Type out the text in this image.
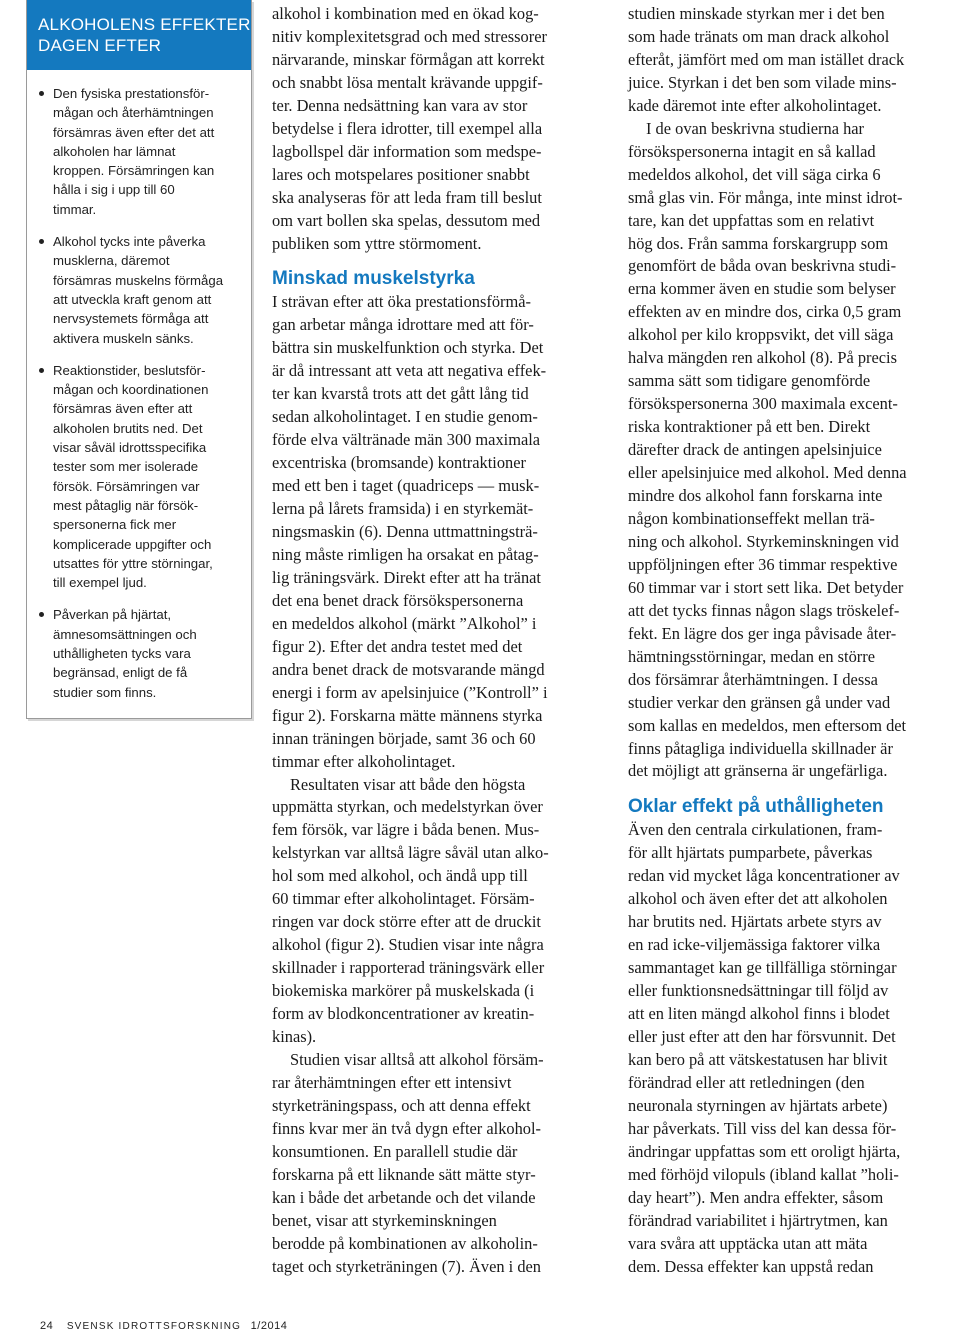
ALKOHOLENS EFFEKTER
DAGEN EFTER
Den fysiska prestationsför-
mågan och återhämtningen
försämras även efter det att
alkoholen har lämnat
kroppen. Försämringen kan
hålla i sig i upp till 60
timmar.
Alkohol tycks inte påverka
musklerna, däremot
försämras muskelns förmåga
att utveckla kraft genom att
nervsystemets förmåga att
aktivera muskeln sänks.
Reaktionstider, beslutsför-
mågan och koordinationen
försämras även efter att
alkoholen brutits ned. Det
visar såväl idrottsspecifika
tester som mer isolerade
försök. Försämringen var
mest påtaglig när försök-
spersonerna fick mer
komplicerade uppgifter och
utsattes för yttre störningar,
till exempel ljud.
Påverkan på hjärtat,
ämnesomsättningen och
uthålligheten tycks vara
begränsad, enligt de få
studier som finns.
alkohol i kombination med en ökad kog-
nitiv komplexitetsgrad och med stressorer
närvarande, minskar förmågan att korrekt
och snabbt lösa mentalt krävande uppgif-
ter. Denna nedsättning kan vara av stor
betydelse i flera idrotter, till exempel alla
lagbollspel där information som medspe-
lares och motspelares positioner snabbt
ska analyseras för att leda fram till beslut
om vart bollen ska spelas, dessutom med
publiken som yttre störmoment.
Minskad muskelstyrka
I strävan efter att öka prestationsförmå-
gan arbetar många idrottare med att för-
bättra sin muskelfunktion och styrka. Det
är då intressant att veta att negativa effek-
ter kan kvarstå trots att det gått lång tid
sedan alkoholintaget. I en studie genom-
förde elva vältränade män 300 maximala
excentriska (bromsande) kontraktioner
med ett ben i taget (quadriceps — musk-
lerna på lårets framsida) i en styrkemät-
ningsmaskin (6). Denna uttmattningsträ-
ning måste rimligen ha orsakat en påtag-
lig träningsvärk. Direkt efter att ha tränat
det ena benet drack försökspersonerna
en medeldos alkohol (märkt ”Alkohol” i
figur 2). Efter det andra testet med det
andra benet drack de motsvarande mängd
energi i form av apelsinjuice (”Kontroll” i
figur 2). Forskarna mätte männens styrka
innan träningen började, samt 36 och 60
timmar efter alkoholintaget.
Resultaten visar att både den högsta
uppmätta styrkan, och medelstyrkan över
fem försök, var lägre i båda benen. Mus-
kelstyrkan var alltså lägre såväl utan alko-
hol som med alkohol, och ändå upp till
60 timmar efter alkoholintaget. Försäm-
ringen var dock större efter att de druckit
alkohol (figur 2). Studien visar inte några
skillnader i rapporterad träningsvärk eller
biokemiska markörer på muskelskada (i
form av blodkoncentrationer av kreatin-
kinas).
Studien visar alltså att alkohol försäm-
rar återhämtningen efter ett intensivt
styrketräningspass, och att denna effekt
finns kvar mer än två dygn efter alkohol-
konsumtionen. En parallell studie där
forskarna på ett liknande sätt mätte styr-
kan i både det arbetande och det vilande
benet, visar att styrkeminskningen
berodde på kombinationen av alkoholin-
taget och styrketräningen (7). Även i den
studien minskade styrkan mer i det ben
som hade tränats om man drack alkohol
efteråt, jämfört med om man istället drack
juice. Styrkan i det ben som vilade mins-
kade däremot inte efter alkoholintaget.
I de ovan beskrivna studierna har
försökspersonerna intagit en så kallad
medeldos alkohol, det vill säga cirka 6
små glas vin. För många, inte minst idrot-
tare, kan det uppfattas som en relativt
hög dos. Från samma forskargrupp som
genomfört de båda ovan beskrivna studi-
erna kommer även en studie som belyser
effekten av en mindre dos, cirka 0,5 gram
alkohol per kilo kroppsvikt, det vill säga
halva mängden ren alkohol (8). På precis
samma sätt som tidigare genomförde
försökspersonerna 300 maximala excent-
riska kontraktioner på ett ben. Direkt
därefter drack de antingen apelsinjuice
eller apelsinjuice med alkohol. Med denna
mindre dos alkohol fann forskarna inte
någon kombinationseffekt mellan trä-
ning och alkohol. Styrkeminskningen vid
uppföljningen efter 36 timmar respektive
60 timmar var i stort sett lika. Det betyder
att det tycks finnas någon slags tröskelef-
fekt. En lägre dos ger inga påvisade åter-
hämtningsstörningar, medan en större
dos försämrar återhämtningen. I dessa
studier verkar den gränsen gå under vad
som kallas en medeldos, men eftersom det
finns påtagliga individuella skillnader är
det möjligt att gränserna är ungefärliga.
Oklar effekt på uthålligheten
Även den centrala cirkulationen, fram-
för allt hjärtats pumparbete, påverkas
redan vid mycket låga koncentrationer av
alkohol och även efter det att alkoholen
har brutits ned. Hjärtats arbete styrs av
en rad icke-viljemässiga faktorer vilka
sammantaget kan ge tillfälliga störningar
eller funktionsnedsättningar till följd av
att en liten mängd alkohol finns i blodet
eller just efter att den har försvunnit. Det
kan bero på att vätskestatusen har blivit
förändrad eller att retledningen (den
neuronala styrningen av hjärtats arbete)
har påverkats. Till viss del kan dessa för-
ändringar uppfattas som ett oroligt hjärta,
med förhöjd vilopuls (ibland kallat ”holi-
day heart”). Men andra effekter, såsom
förändrad variabilitet i hjärtrytmen, kan
vara svåra att upptäcka utan att mäta
dem. Dessa effekter kan uppstå redan
24 SVENSK IDROTTSFORSKNING 1/2014
